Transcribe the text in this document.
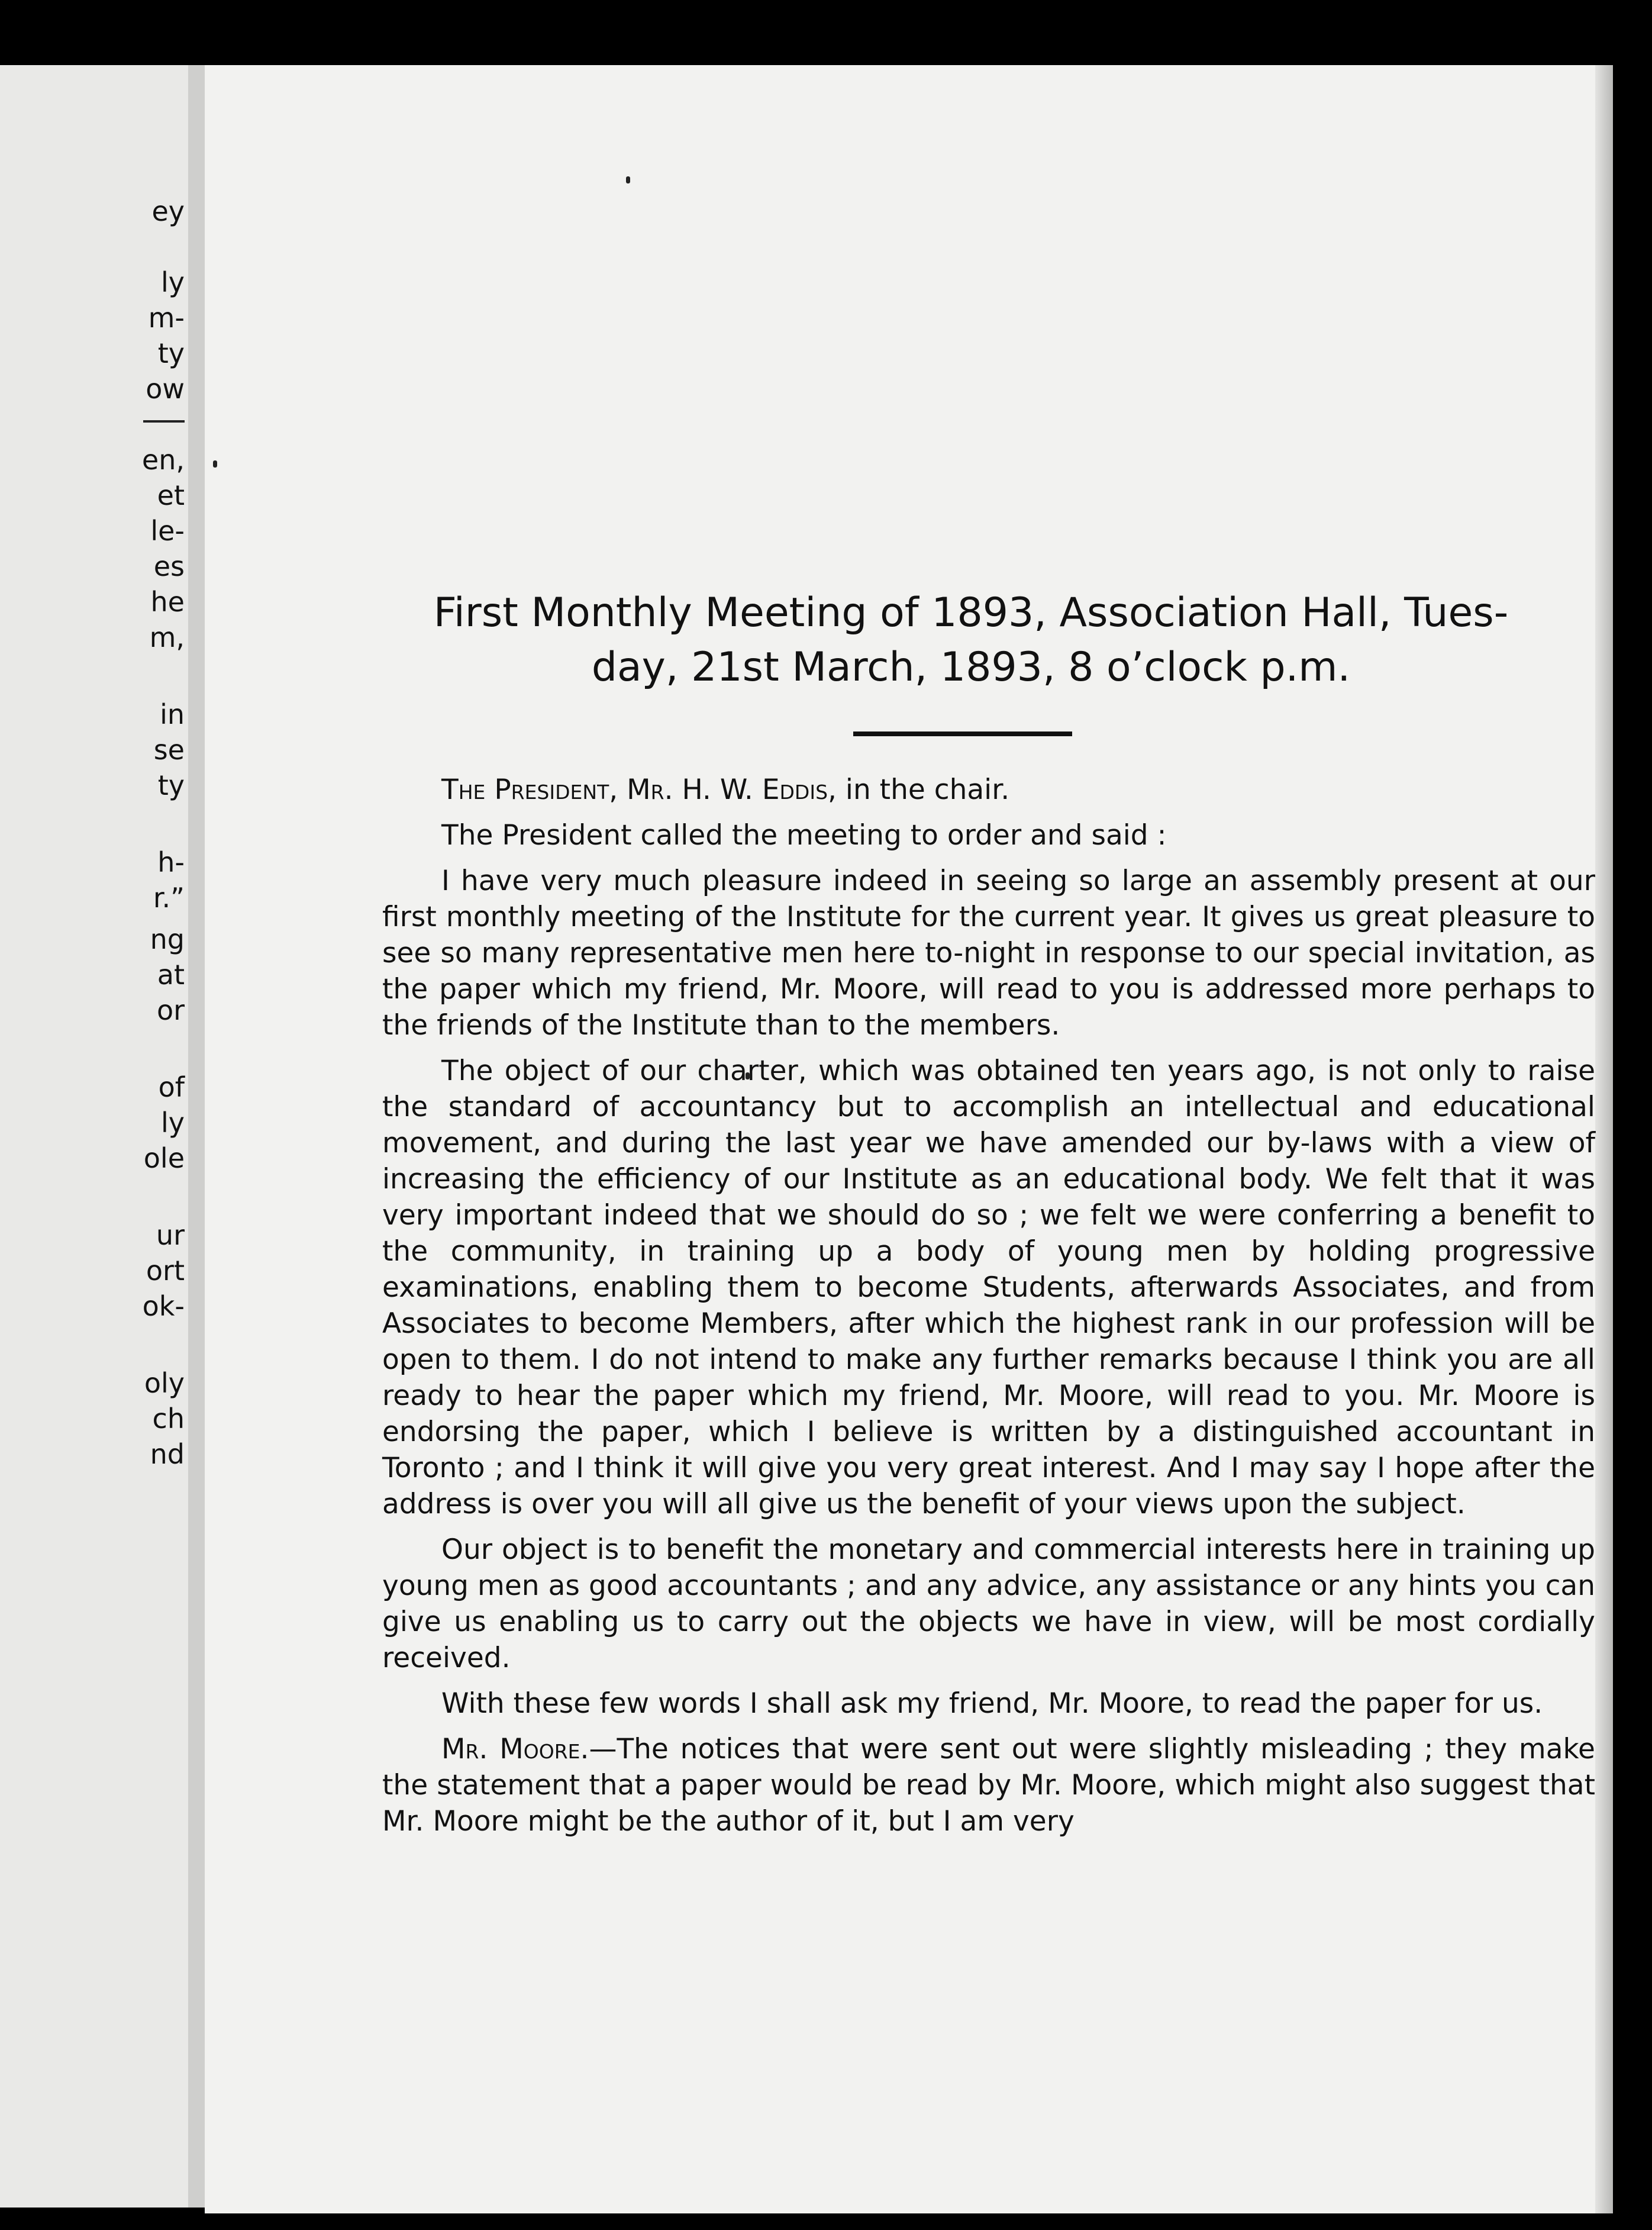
ey
ly
m-
ty
ow
en,
et
le-
es
he
m,
in
se
ty
h-
r.”
ng
at
or
of
ly
ole
ur
ort
ok-
oly
ch
nd
First Monthly Meeting of 1893, Association Hall, Tues-
day, 21st March, 1893, 8 o’clock p.m.

The President, Mr. H. W. Eddis, in the chair.

The President called the meeting to order and said :

I have very much pleasure indeed in seeing so large an assembly present at our first monthly meeting of the Institute for the current year. It gives us great pleasure to see so many representative men here to-night in response to our special invitation, as the paper which my friend, Mr. Moore, will read to you is addressed more perhaps to the friends of the Institute than to the members.

The object of our charter, which was obtained ten years ago, is not only to raise the standard of accountancy but to accomplish an intellectual and educational movement, and during the last year we have amended our by-laws with a view of increasing the efficiency of our Institute as an educational body. We felt that it was very important indeed that we should do so ; we felt we were conferring a benefit to the community, in training up a body of young men by holding progressive examinations, enabling them to become Students, afterwards Associates, and from Associates to become Members, after which the highest rank in our profession will be open to them. I do not intend to make any further remarks because I think you are all ready to hear the paper which my friend, Mr. Moore, will read to you. Mr. Moore is endorsing the paper, which I believe is written by a distinguished accountant in Toronto ; and I think it will give you very great interest. And I may say I hope after the address is over you will all give us the benefit of your views upon the subject.

Our object is to benefit the monetary and commercial interests here in training up young men as good accountants ; and any advice, any assistance or any hints you can give us enabling us to carry out the objects we have in view, will be most cordially received.

With these few words I shall ask my friend, Mr. Moore, to read the paper for us.

Mr. Moore.—The notices that were sent out were slightly misleading ; they make the statement that a paper would be read by Mr. Moore, which might also suggest that Mr. Moore might be the author of it, but I am very
